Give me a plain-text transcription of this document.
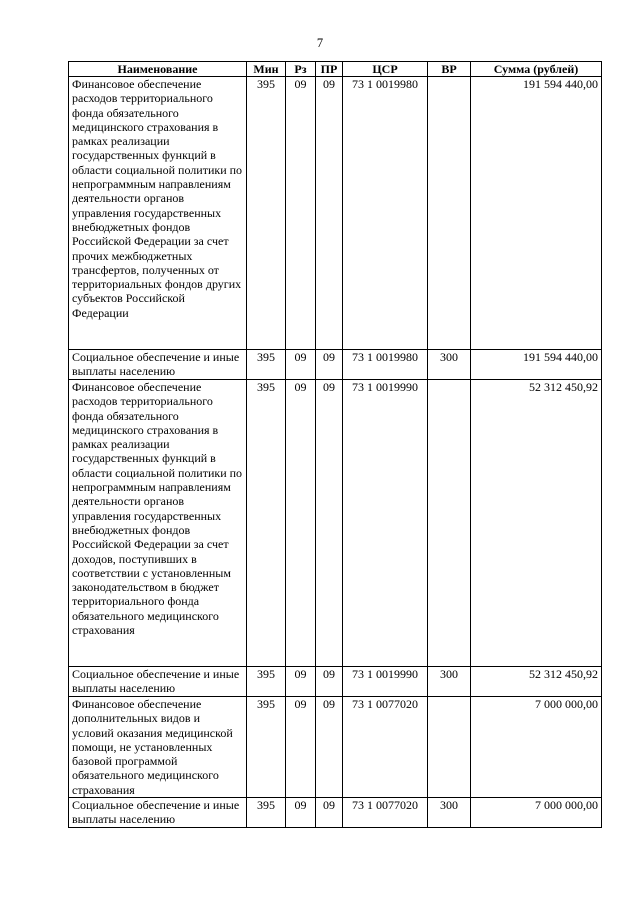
7
Наименование	Мин	Рз	ПР	ЦСР	ВР	Сумма (рублей)
Финансовое обеспечение расходов территориального фонда обязательного медицинского страхования в рамках реализации государственных функций в области социальной политики по непрограммным направлениям деятельности органов управления государственных внебюджетных фондов Российской Федерации за счет прочих межбюджетных трансфертов, полученных от территориальных фондов других субъектов Российской Федерации	395	09	09	73 1 0019980		191 594 440,00
Социальное обеспечение и иные выплаты населению	395	09	09	73 1 0019980	300	191 594 440,00
Финансовое обеспечение расходов территориального фонда обязательного медицинского страхования в рамках реализации государственных функций в области социальной политики по непрограммным направлениям деятельности органов управления государственных внебюджетных фондов Российской Федерации за счет доходов, поступивших в соответствии с установленным законодательством в бюджет территориального фонда обязательного медицинского страхования	395	09	09	73 1 0019990		52 312 450,92
Социальное обеспечение и иные выплаты населению	395	09	09	73 1 0019990	300	52 312 450,92
Финансовое обеспечение дополнительных видов и условий оказания медицинской помощи, не установленных базовой программой обязательного медицинского страхования	395	09	09	73 1 0077020		7 000 000,00
Социальное обеспечение и иные выплаты населению	395	09	09	73 1 0077020	300	7 000 000,00
